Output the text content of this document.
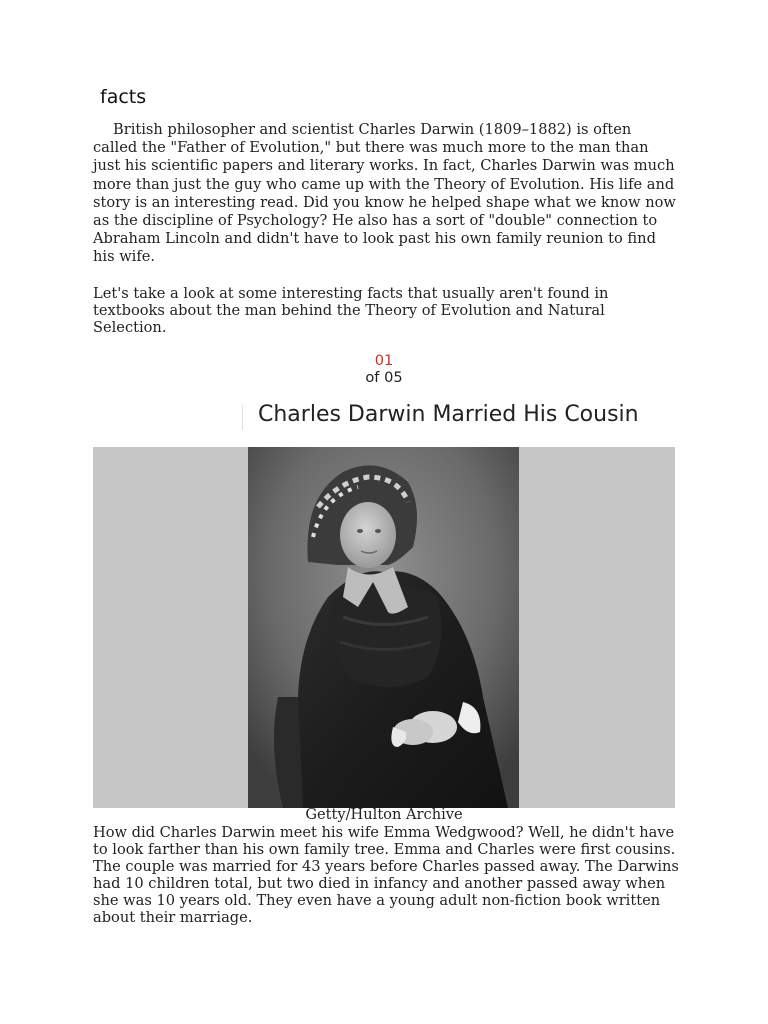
facts

British philosopher and scientist Charles Darwin (1809–1882) is often called the "Father of Evolution," but there was much more to the man than just his scientific papers and literary works. In fact, Charles Darwin was much more than just the guy who came up with the Theory of Evolution. His life and story is an interesting read. Did you know he helped shape what we know now as the discipline of Psychology? He also has a sort of "double" connection to Abraham Lincoln and didn't have to look past his own family reunion to find his wife.

Let's take a look at some interesting facts that usually aren't found in textbooks about the man behind the Theory of Evolution and Natural Selection.

01
of 05
Charles Darwin Married His Cousin
Getty/Hulton Archive

How did Charles Darwin meet his wife Emma Wedgwood? Well, he didn't have to look farther than his own family tree. Emma and Charles were first cousins. The couple was married for 43 years before Charles passed away. The Darwins had 10 children total, but two died in infancy and another passed away when she was 10 years old. They even have a young adult non-fiction book written about their marriage.
